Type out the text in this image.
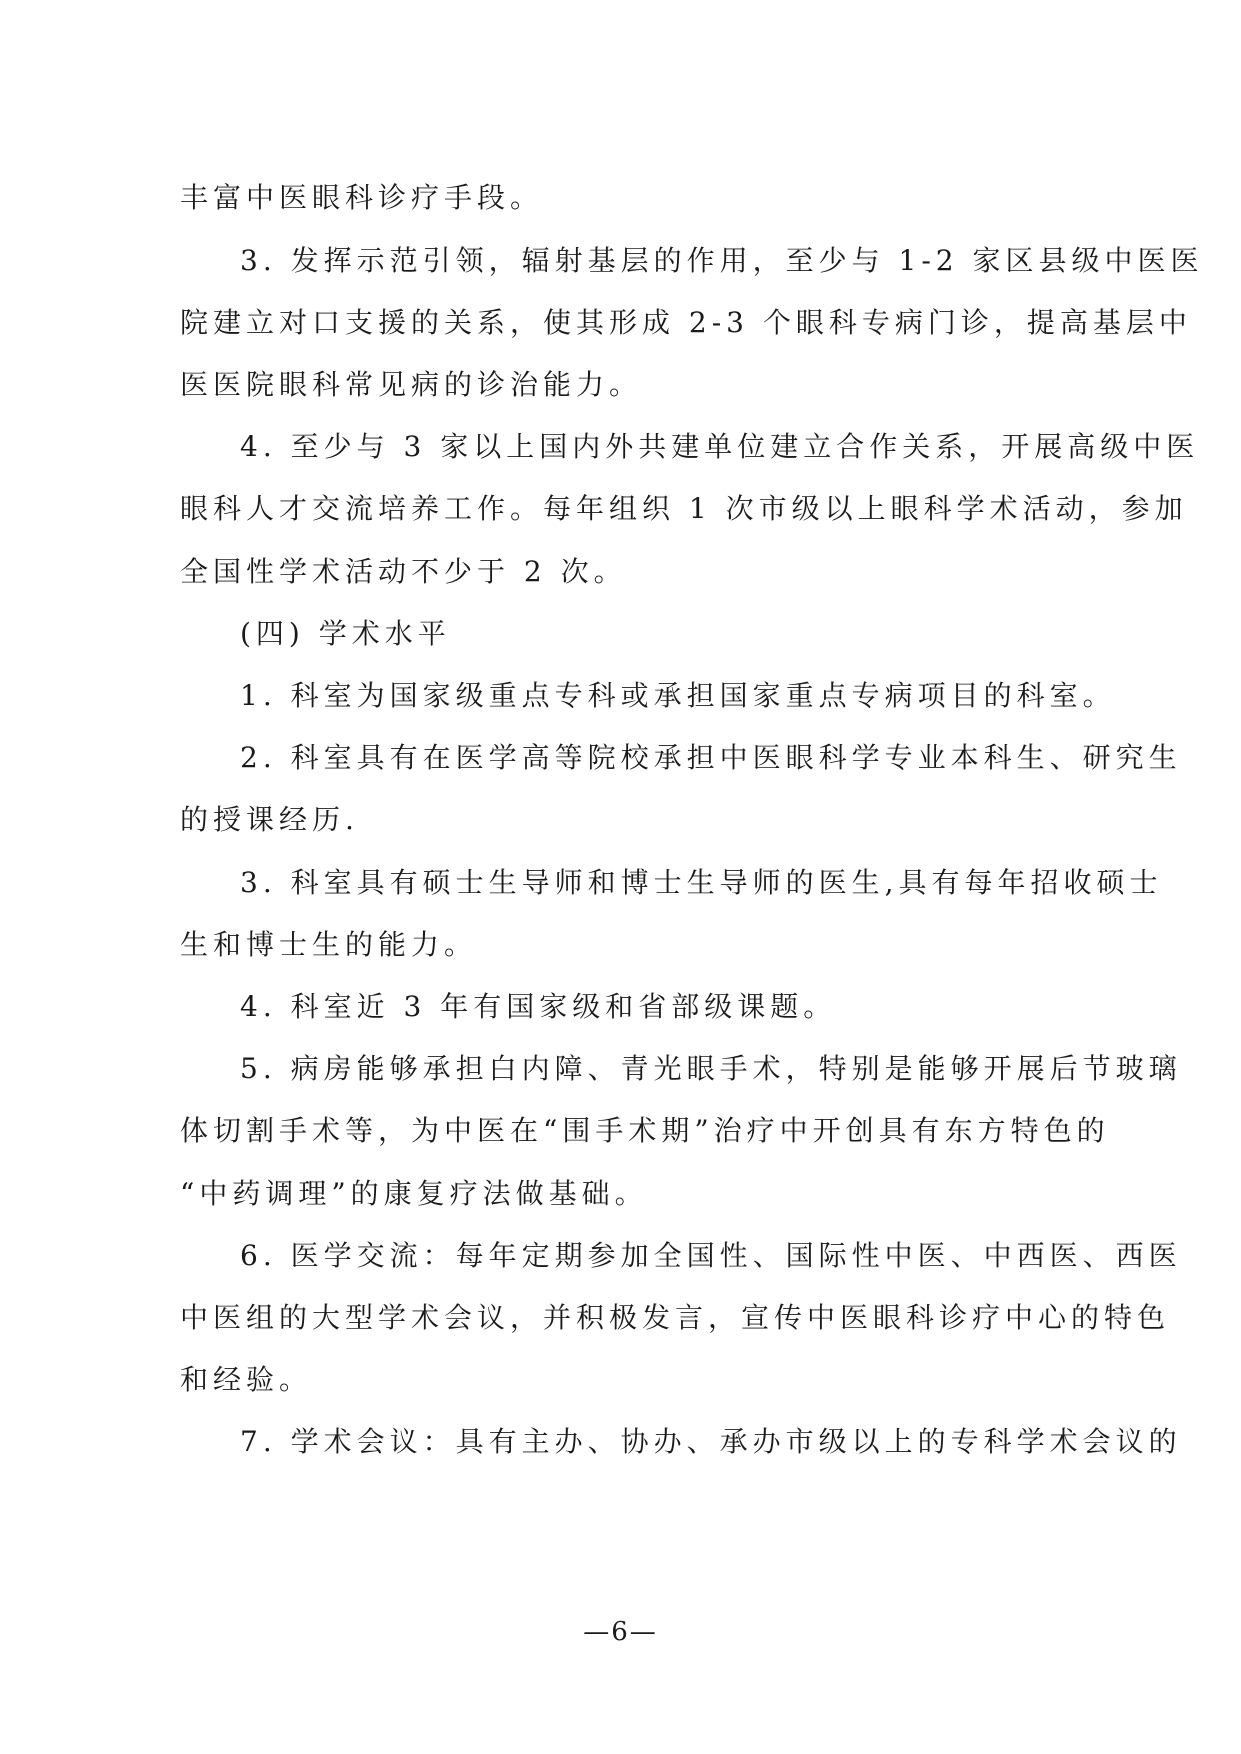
丰富中医眼科诊疗手段。
3. 发挥示范引领，辐射基层的作用，至少与 1-2 家区县级中医医
院建立对口支援的关系，使其形成 2-3 个眼科专病门诊，提高基层中
医医院眼科常见病的诊治能力。
4. 至少与 3 家以上国内外共建单位建立合作关系，开展高级中医
眼科人才交流培养工作。每年组织 1 次市级以上眼科学术活动，参加
全国性学术活动不少于 2 次。
(四) 学术水平
1. 科室为国家级重点专科或承担国家重点专病项目的科室。
2. 科室具有在医学高等院校承担中医眼科学专业本科生、研究生
的授课经历.
3. 科室具有硕士生导师和博士生导师的医生,具有每年招收硕士
生和博士生的能力。
4. 科室近 3 年有国家级和省部级课题。
5. 病房能够承担白内障、青光眼手术，特别是能够开展后节玻璃
体切割手术等，为中医在“围手术期”治疗中开创具有东方特色的
“中药调理”的康复疗法做基础。
6. 医学交流：每年定期参加全国性、国际性中医、中西医、西医
中医组的大型学术会议，并积极发言，宣传中医眼科诊疗中心的特色
和经验。
7. 学术会议：具有主办、协办、承办市级以上的专科学术会议的
—6—
